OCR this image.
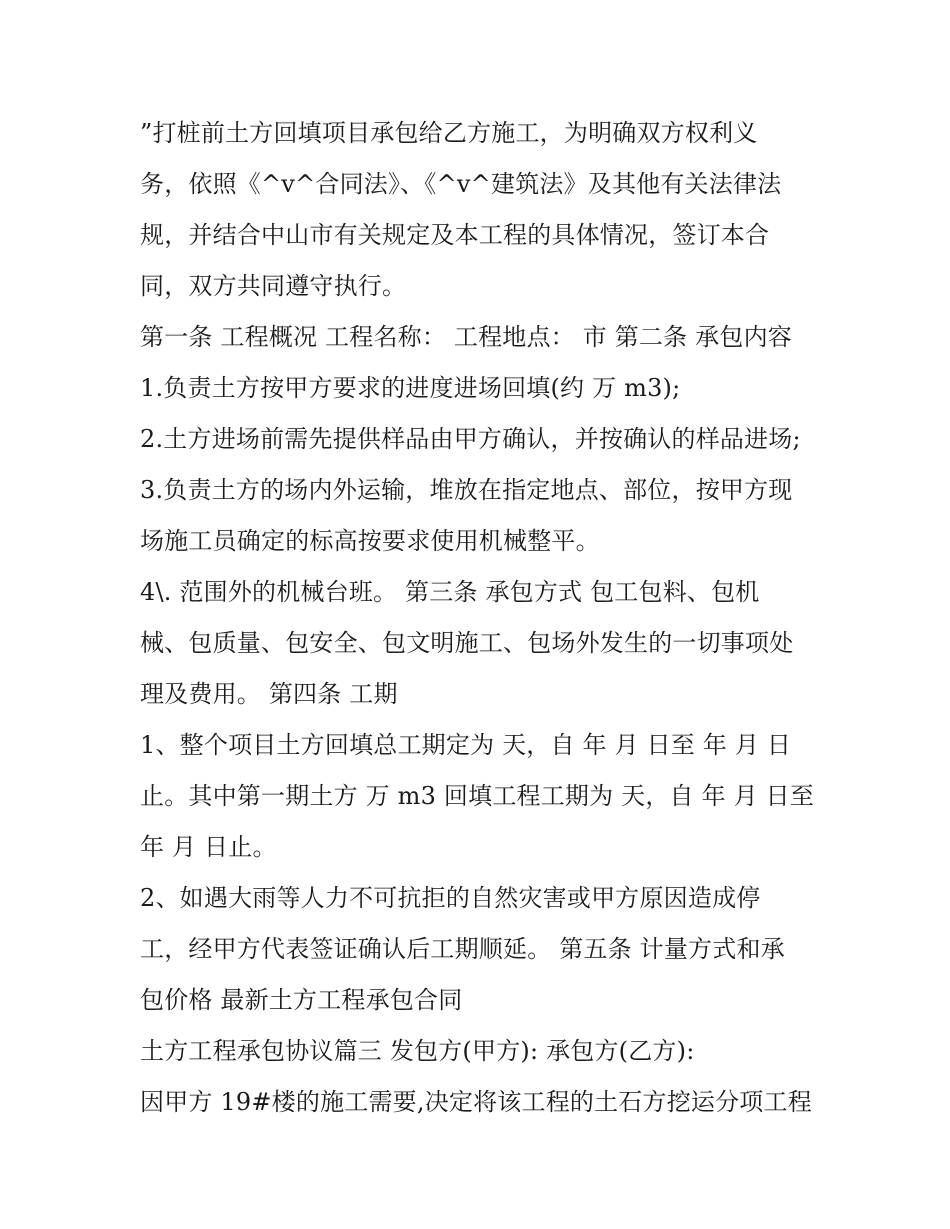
”打桩前土方回填项目承包给乙方施工，为明确双方权利义
务，依照《^v^合同法》、《^v^建筑法》及其他有关法律法
规，并结合中山市有关规定及本工程的具体情况，签订本合
同，双方共同遵守执行。
第一条 工程概况 工程名称： 工程地点： 市 第二条 承包内容
1.负责土方按甲方要求的进度进场回填(约 万 m3);
2.土方进场前需先提供样品由甲方确认，并按确认的样品进场;
3.负责土方的场内外运输，堆放在指定地点、部位，按甲方现
场施工员确定的标高按要求使用机械整平。
4\. 范围外的机械台班。 第三条 承包方式 包工包料、包机
械、包质量、包安全、包文明施工、包场外发生的一切事项处
理及费用。 第四条 工期
1、整个项目土方回填总工期定为 天，自 年 月 日至 年 月 日
止。其中第一期土方 万 m3 回填工程工期为 天，自 年 月 日至
年 月 日止。
2、如遇大雨等人力不可抗拒的自然灾害或甲方原因造成停
工，经甲方代表签证确认后工期顺延。 第五条 计量方式和承
包价格 最新土方工程承包合同
土方工程承包协议篇三 发包方(甲方): 承包方(乙方):
因甲方 19#楼的施工需要,决定将该工程的土石方挖运分项工程
